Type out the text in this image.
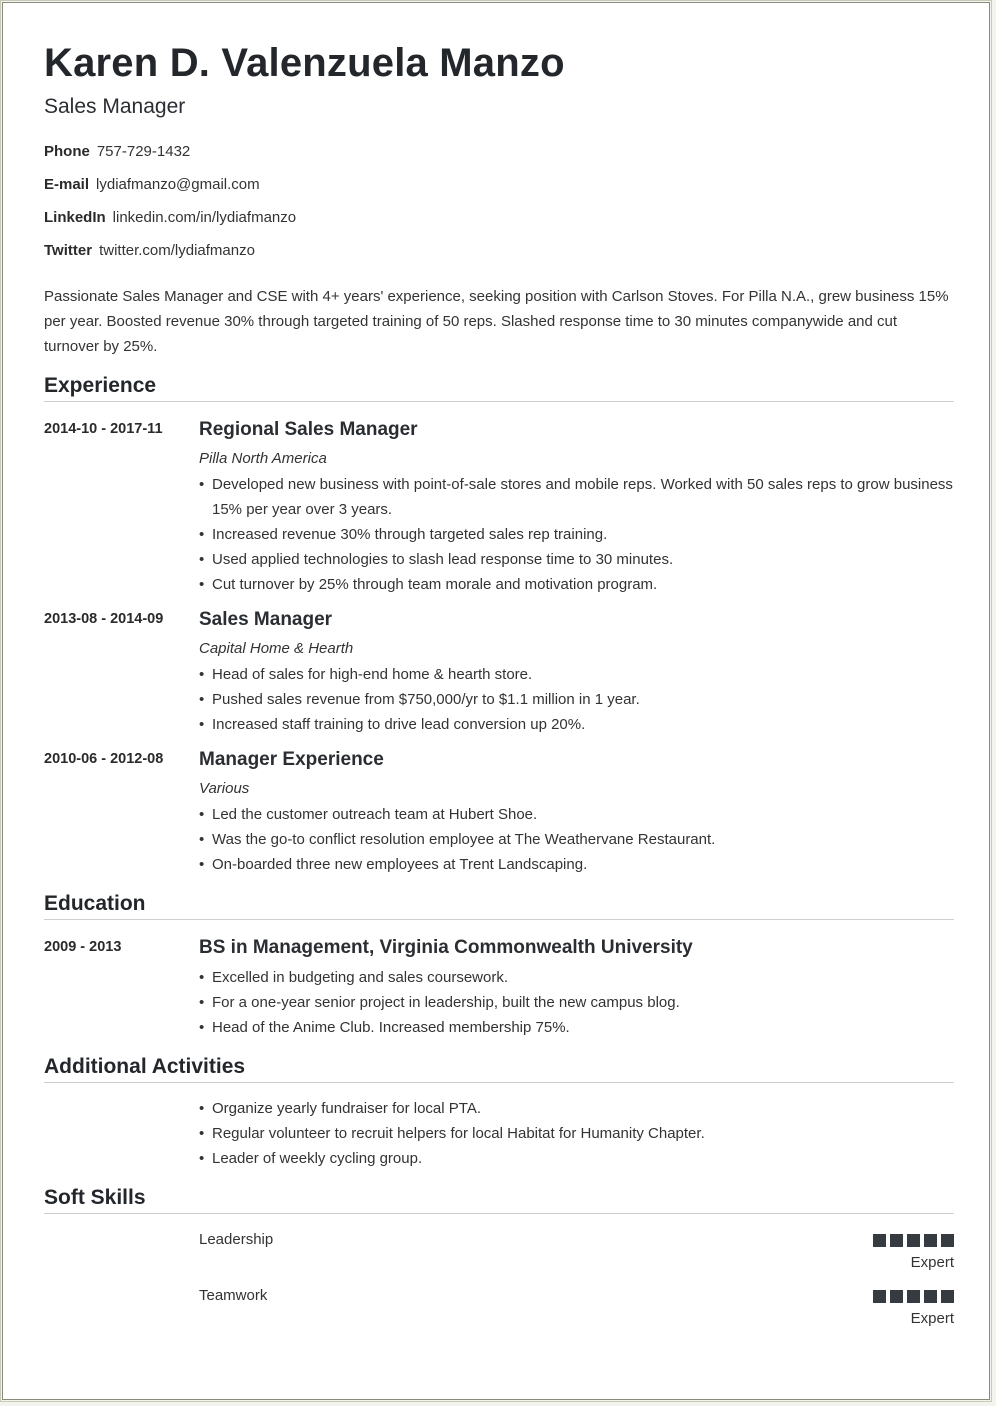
Karen D. Valenzuela Manzo
Sales Manager
Phone 757-729-1432
E-mail lydiafmanzo@gmail.com
LinkedIn linkedin.com/in/lydiafmanzo
Twitter twitter.com/lydiafmanzo
Passionate Sales Manager and CSE with 4+ years' experience, seeking position with Carlson Stoves. For Pilla N.A., grew business 15% per year. Boosted revenue 30% through targeted training of 50 reps. Slashed response time to 30 minutes companywide and cut turnover by 25%.
Experience
2014-10 - 2017-11 Regional Sales Manager
Pilla North America
• Developed new business with point-of-sale stores and mobile reps. Worked with 50 sales reps to grow business 15% per year over 3 years.
• Increased revenue 30% through targeted sales rep training.
• Used applied technologies to slash lead response time to 30 minutes.
• Cut turnover by 25% through team morale and motivation program.
2013-08 - 2014-09 Sales Manager
Capital Home & Hearth
• Head of sales for high-end home & hearth store.
• Pushed sales revenue from $750,000/yr to $1.1 million in 1 year.
• Increased staff training to drive lead conversion up 20%.
2010-06 - 2012-08 Manager Experience
Various
• Led the customer outreach team at Hubert Shoe.
• Was the go-to conflict resolution employee at The Weathervane Restaurant.
• On-boarded three new employees at Trent Landscaping.
Education
2009 - 2013	BS in Management, Virginia Commonwealth University
• Excelled in budgeting and sales coursework.
• For a one-year senior project in leadership, built the new campus blog.
• Head of the Anime Club. Increased membership 75%.
Additional Activities
• Organize yearly fundraiser for local PTA.
• Regular volunteer to recruit helpers for local Habitat for Humanity Chapter.
• Leader of weekly cycling group.
Soft Skills
Leadership
Expert
Teamwork
Expert
